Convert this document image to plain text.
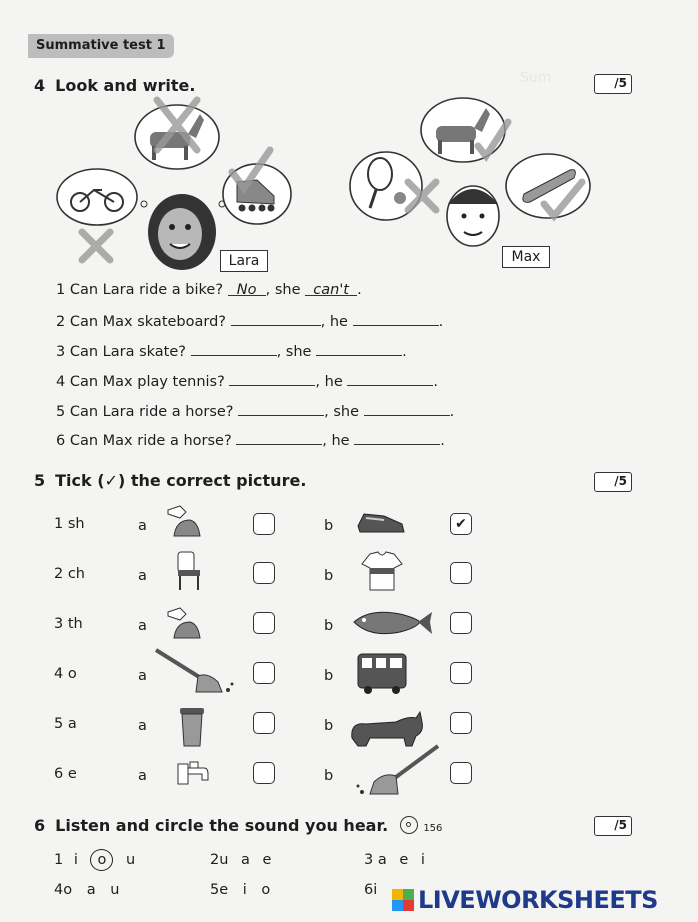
Sum
Summative test 1
4 Look and write.	/5
Lara	Max
1 Can Lara ride a bike? No , she can't .
2 Can Max skateboard?	, he	.
3 Can Lara skate?	, she	.
4 Can Max play tennis?	, he	.
5 Can Lara ride a horse?	, she	.
6 Can Max ride a horse?	, he	.
5 Tick (✓) the correct picture.	/5
1 sh	a	b	✔
2 ch	a	b
3 th	a	b
4 o	a	b
5 a	a	b
6 e	a	b
6 Listen and circle the sound you hear.	156	/5
1 i o u	2u a e	3 a e i
4o a u	5e i o	6i LIVEWORKSHEETS
